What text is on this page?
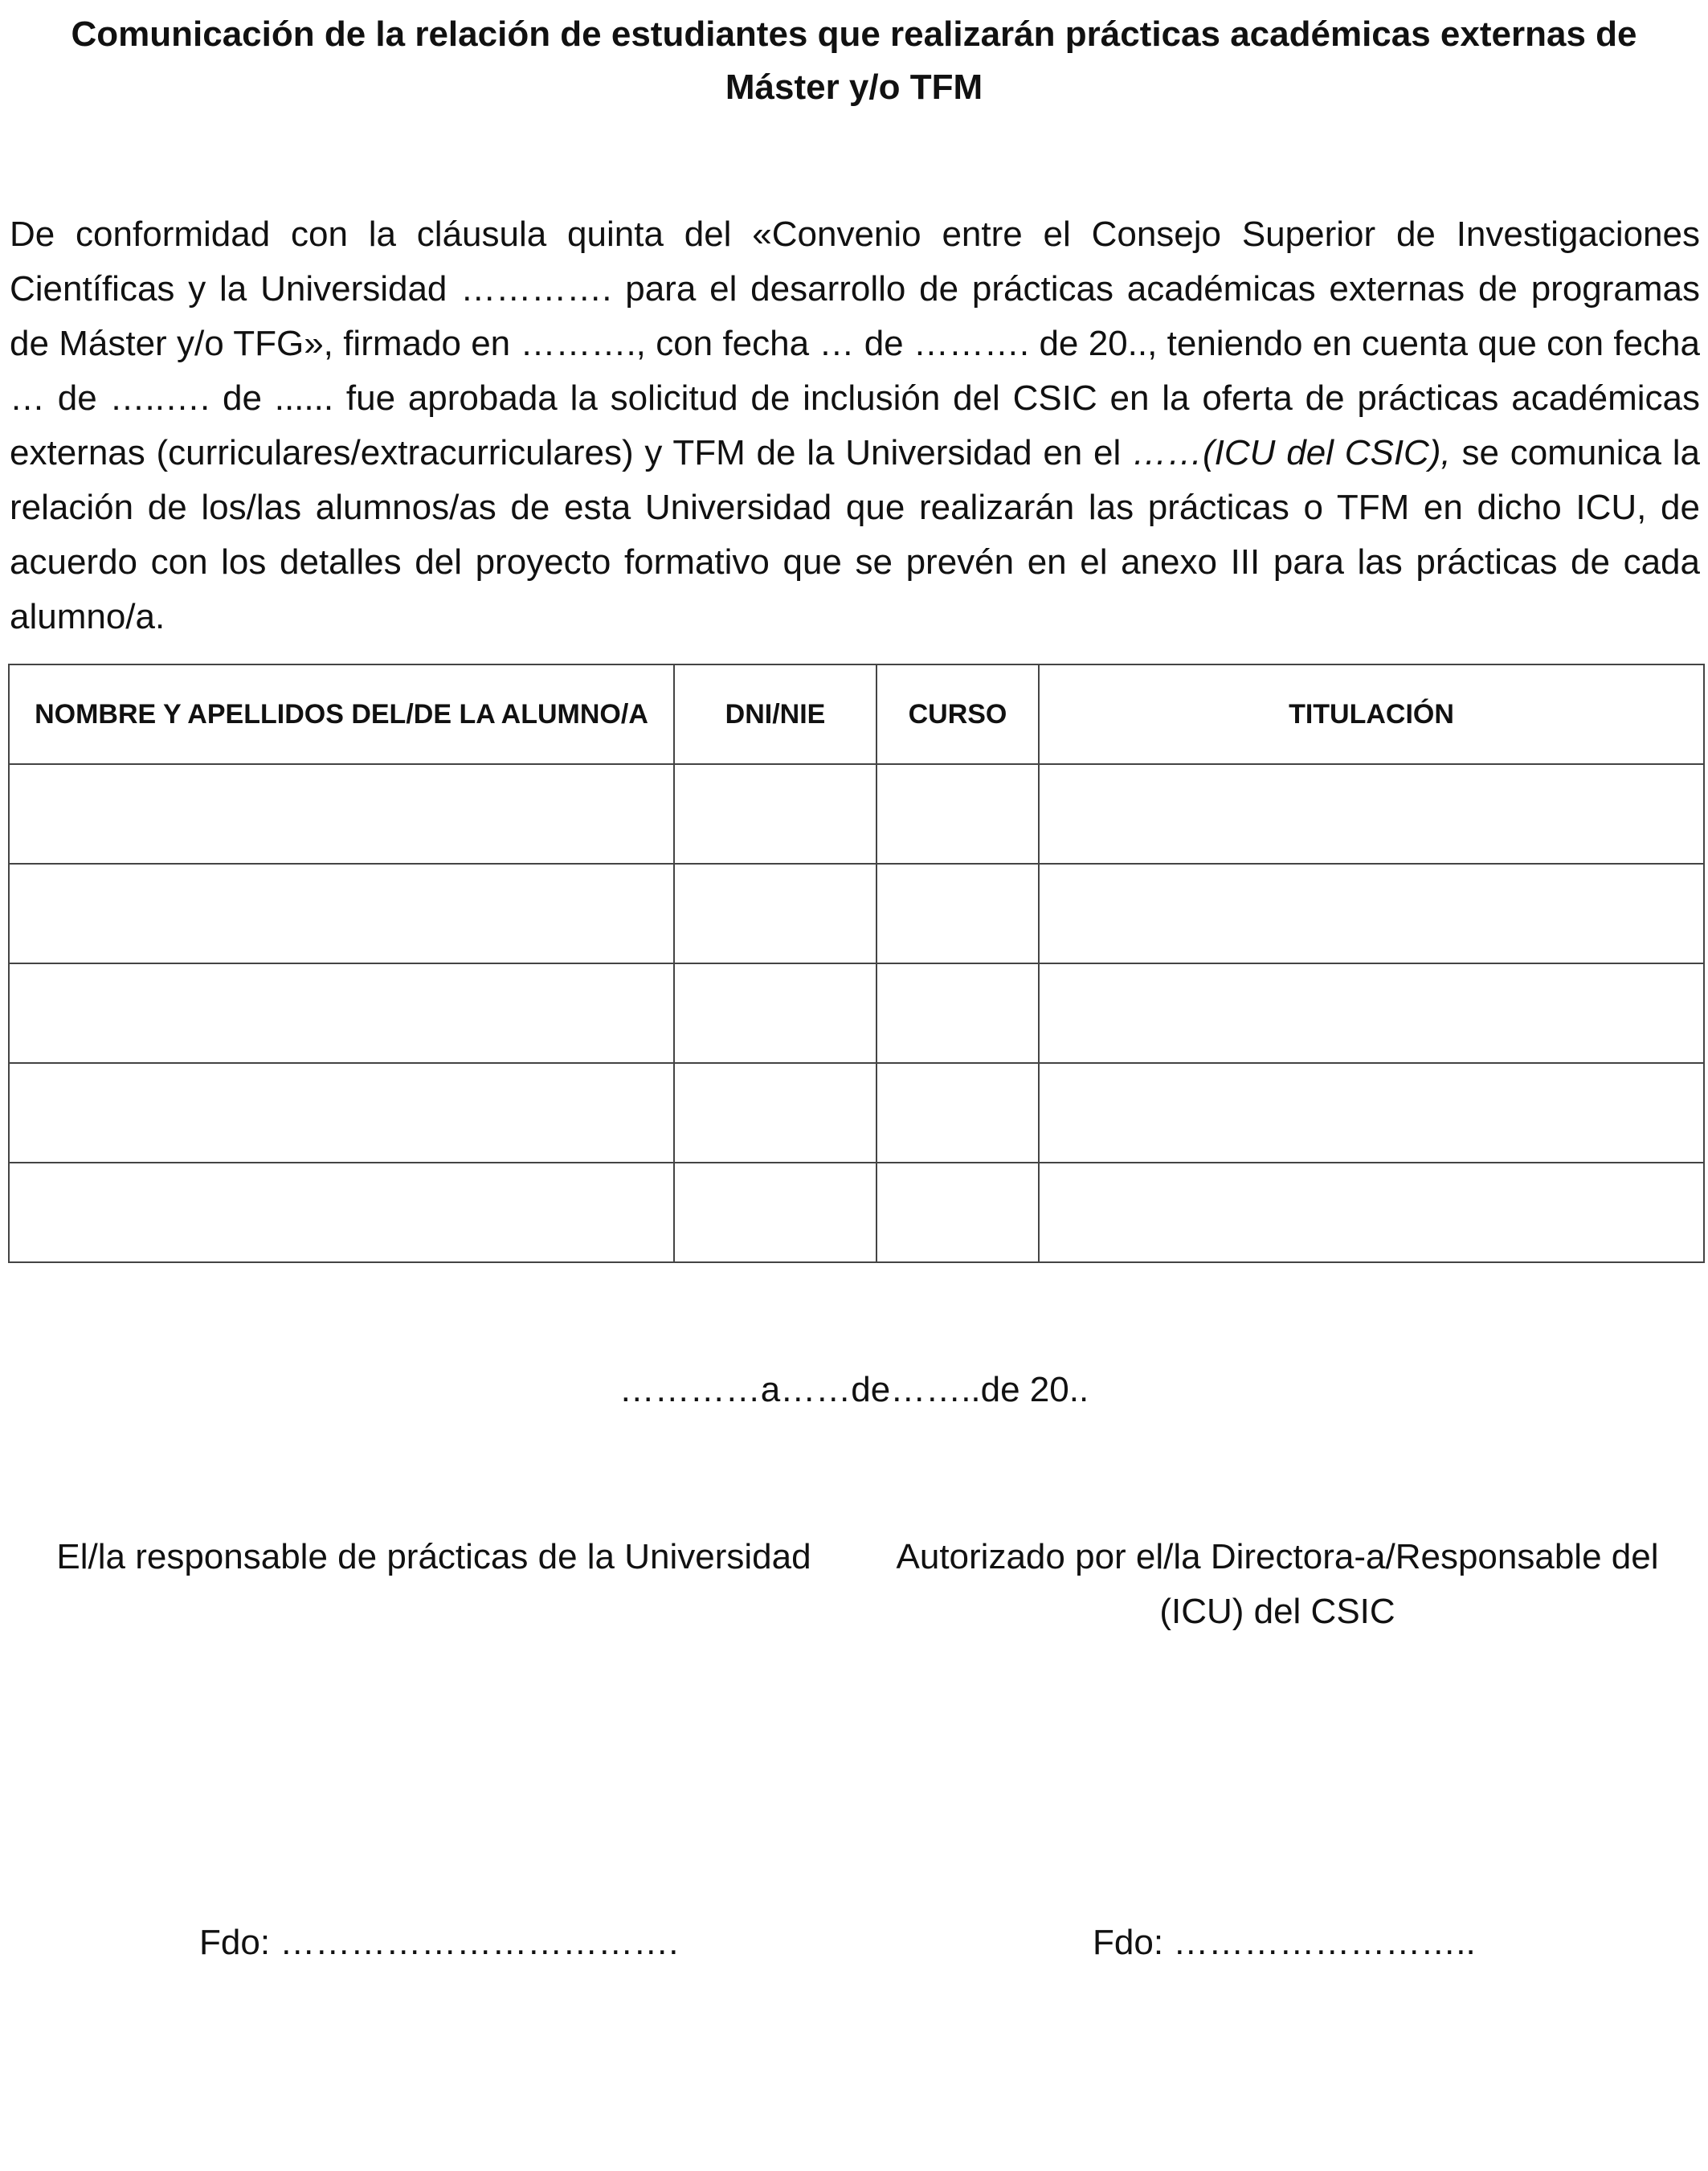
Comunicación de la relación de estudiantes que realizarán prácticas académicas externas de Máster y/o TFM
De conformidad con la cláusula quinta del «Convenio entre el Consejo Superior de Investigaciones Científicas y la Universidad …………. para el desarrollo de prácticas académicas externas de programas de Máster y/o TFG», firmado en ………., con fecha … de ………. de 20.., teniendo en cuenta que con fecha … de …..…. de ...... fue aprobada la solicitud de inclusión del CSIC en la oferta de prácticas académicas externas (curriculares/extracurriculares) y TFM de la Universidad en el ……(ICU del CSIC), se comunica la relación de los/las alumnos/as de esta Universidad que realizarán las prácticas o TFM en dicho ICU, de acuerdo con los detalles del proyecto formativo que se prevén en el anexo III para las prácticas de cada alumno/a.
NOMBRE Y APELLIDOS DEL/DE LA ALUMNO/A	DNI/NIE	CURSO	TITULACIÓN

…………a……de……..de 20..
El/la responsable de prácticas de la Universidad	Autorizado por el/la Directora-a/Responsable del
(ICU) del CSIC
Fdo: …………………………….	Fdo: ……………………..
